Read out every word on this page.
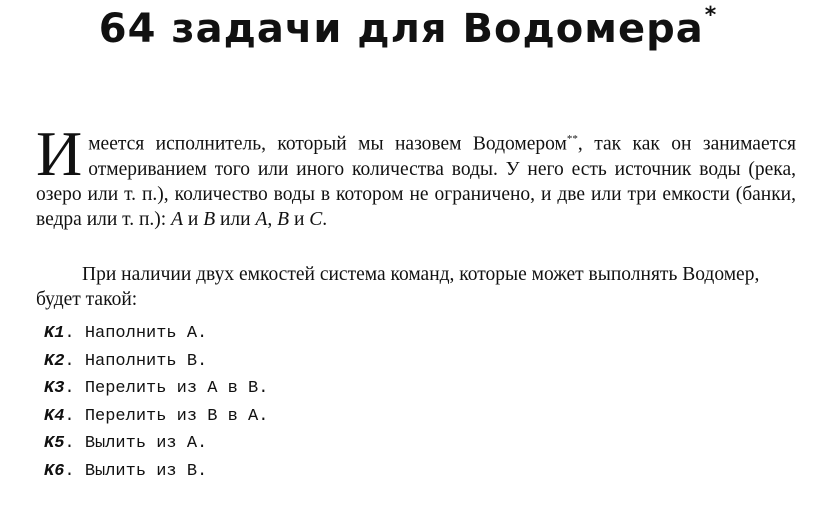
64 задачи для Водомера*
Имеется исполнитель, который мы назовем Водомером**, так как он занимается отмериванием того или иного количества воды. У него есть источник воды (река, озеро или т. п.), количество воды в котором не ограничено, и две или три емкости (банки, ведра или т. п.): A и B или A, B и C.
При наличии двух емкостей система команд, которые может выполнять Водомер, будет такой:
K1. Наполнить A.
K2. Наполнить B.
K3. Перелить из A в B.
K4. Перелить из B в A.
K5. Вылить из A.
K6. Вылить из B.
